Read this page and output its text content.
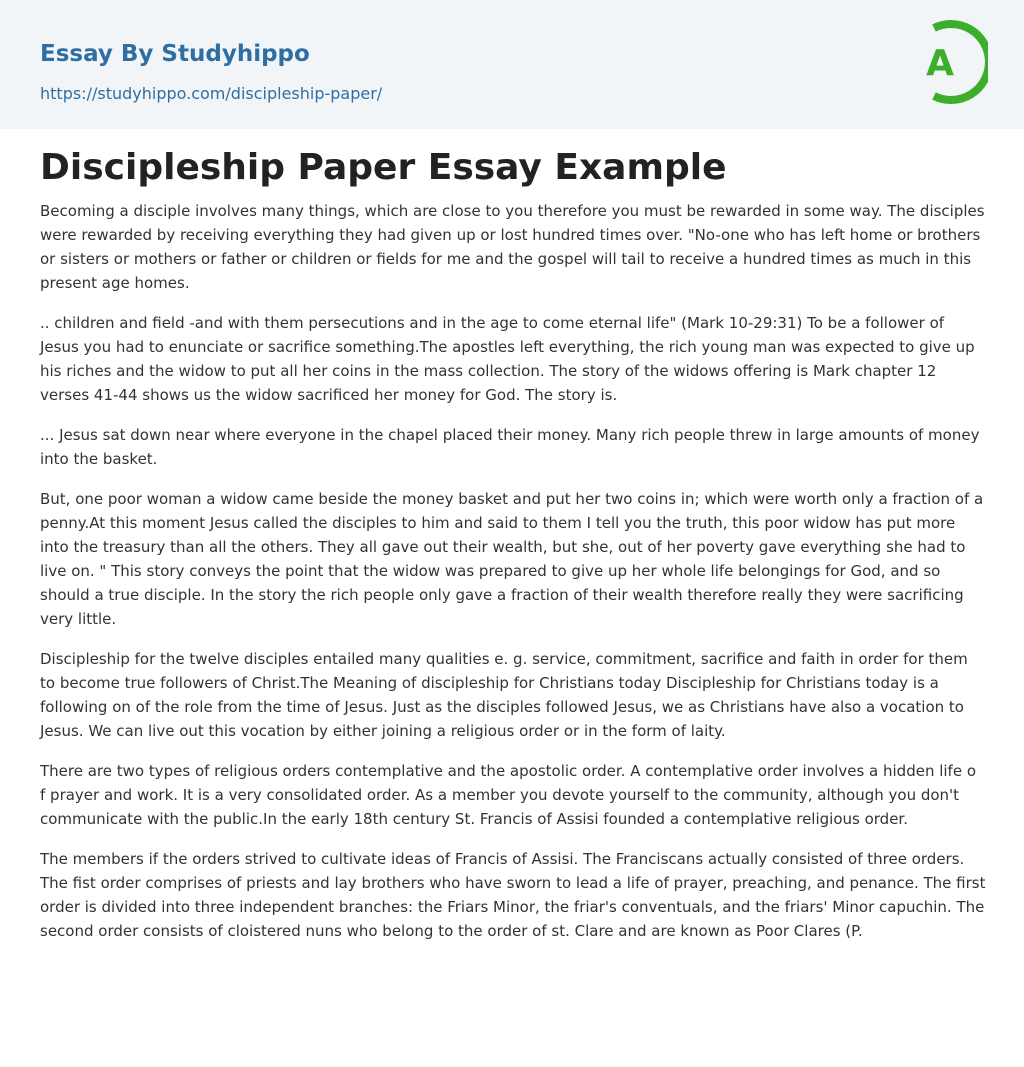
Essay By Studyhippo
https://studyhippo.com/discipleship-paper/
A
Discipleship Paper Essay Example

Becoming a disciple involves many things, which are close to you therefore you must be rewarded in some way. The disciples were rewarded by receiving everything they had given up or lost hundred times over. "No-one who has left home or brothers or sisters or mothers or father or children or fields for me and the gospel will tail to receive a hundred times as much in this present age homes.

.. children and field -and with them persecutions and in the age to come eternal life" (Mark 10-29:31) To be a follower of Jesus you had to enunciate or sacrifice something.The apostles left everything, the rich young man was expected to give up his riches and the widow to put all her coins in the mass collection. The story of the widows offering is Mark chapter 12 verses 41-44 shows us the widow sacrificed her money for God. The story is.

... Jesus sat down near where everyone in the chapel placed their money. Many rich people threw in large amounts of money into the basket.

But, one poor woman a widow came beside the money basket and put her two coins in; which were worth only a fraction of a penny.At this moment Jesus called the disciples to him and said to them I tell you the truth, this poor widow has put more into the treasury than all the others. They all gave out their wealth, but she, out of her poverty gave everything she had to live on. " This story conveys the point that the widow was prepared to give up her whole life belongings for God, and so should a true disciple. In the story the rich people only gave a fraction of their wealth therefore really they were sacrificing very little.

Discipleship for the twelve disciples entailed many qualities e. g. service, commitment, sacrifice and faith in order for them to become true followers of Christ.The Meaning of discipleship for Christians today Discipleship for Christians today is a following on of the role from the time of Jesus. Just as the disciples followed Jesus, we as Christians have also a vocation to Jesus. We can live out this vocation by either joining a religious order or in the form of laity.

There are two types of religious orders contemplative and the apostolic order. A contemplative order involves a hidden life o f prayer and work. It is a very consolidated order. As a member you devote yourself to the community, although you don't communicate with the public.In the early 18th century St. Francis of Assisi founded a contemplative religious order.

The members if the orders strived to cultivate ideas of Francis of Assisi. The Franciscans actually consisted of three orders. The fist order comprises of priests and lay brothers who have sworn to lead a life of prayer, preaching, and penance. The first order is divided into three independent branches: the Friars Minor, the friar's conventuals, and the friars' Minor capuchin. The second order consists of cloistered nuns who belong to the order of st. Clare and are known as Poor Clares (P.
